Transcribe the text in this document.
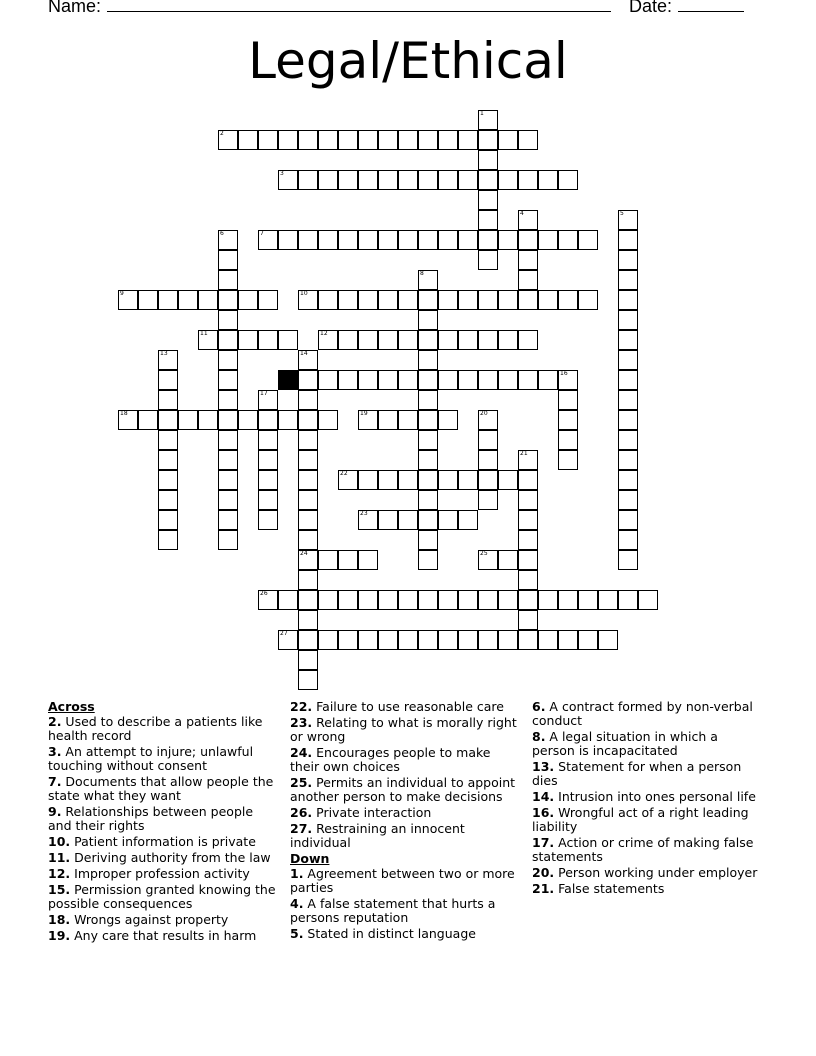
Name:	Date:
Legal/Ethical
1
2
3
4	5
6	7
8
9	10
11	12
13	14
15	16
17
18	19	20
21
22
23
24	25
26
27
Across
2. Used to describe a patients like health record
3. An attempt to injure; unlawful touching without consent
7. Documents that allow people the state what they want
9. Relationships between people and their rights
10. Patient information is private
11. Deriving authority from the law
12. Improper profession activity
15. Permission granted knowing the possible consequences
18. Wrongs against property
19. Any care that results in harm
22. Failure to use reasonable care
23. Relating to what is morally right or wrong
24. Encourages people to make their own choices
25. Permits an individual to appoint another person to make decisions
26. Private interaction
27. Restraining an innocent individual
Down
1. Agreement between two or more parties
4. A false statement that hurts a persons reputation
5. Stated in distinct language
6. A contract formed by non-verbal conduct
8. A legal situation in which a person is incapacitated
13. Statement for when a person dies
14. Intrusion into ones personal life
16. Wrongful act of a right leading liability
17. Action or crime of making false statements
20. Person working under employer
21. False statements
